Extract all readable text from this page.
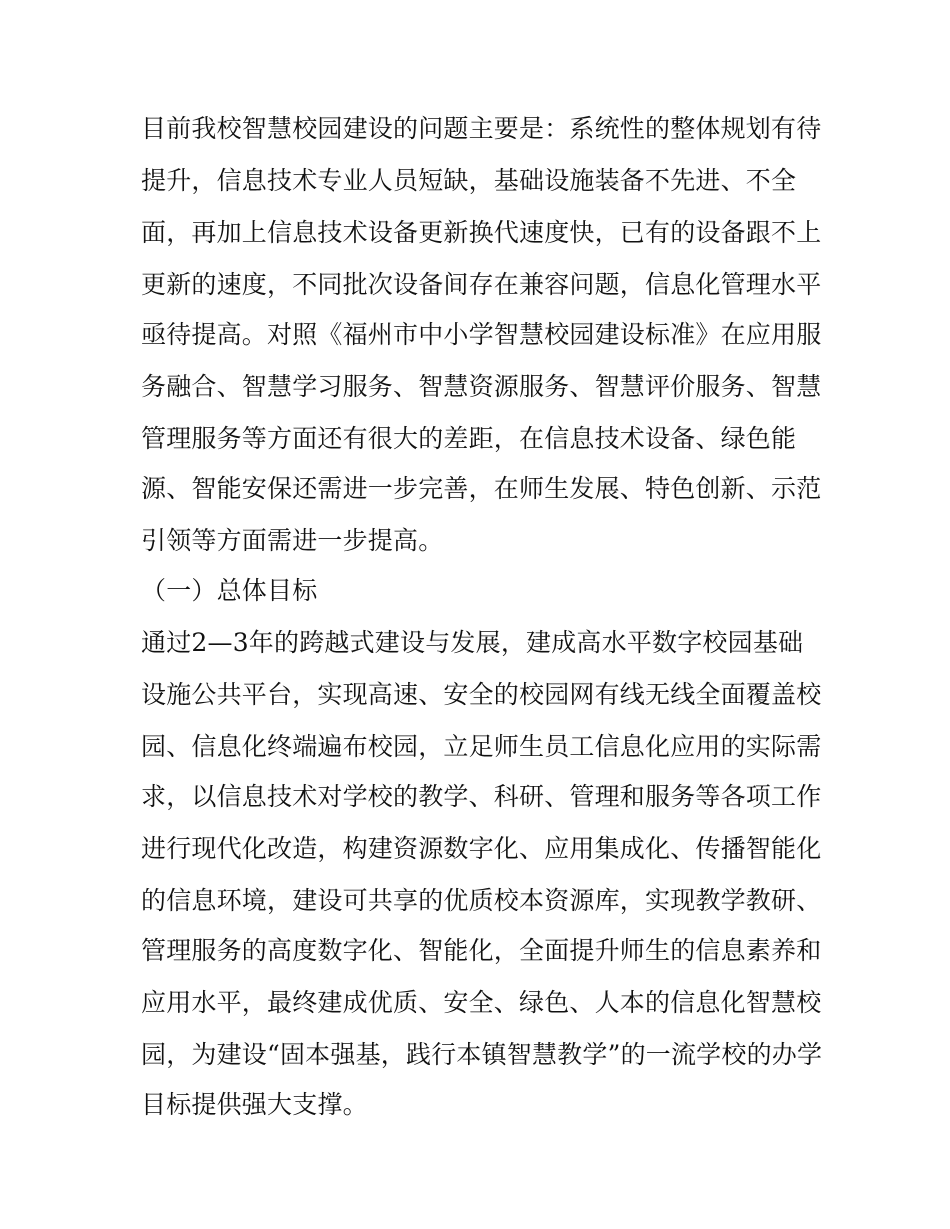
目前我校智慧校园建设的问题主要是：系统性的整体规划有待
提升，信息技术专业人员短缺，基础设施装备不先进、不全
面，再加上信息技术设备更新换代速度快，已有的设备跟不上
更新的速度，不同批次设备间存在兼容问题，信息化管理水平
亟待提高。对照《福州市中小学智慧校园建设标准》在应用服
务融合、智慧学习服务、智慧资源服务、智慧评价服务、智慧
管理服务等方面还有很大的差距，在信息技术设备、绿色能
源、智能安保还需进一步完善，在师生发展、特色创新、示范
引领等方面需进一步提高。
（一）总体目标
通过2—3年的跨越式建设与发展，建成高水平数字校园基础
设施公共平台，实现高速、安全的校园网有线无线全面覆盖校
园、信息化终端遍布校园，立足师生员工信息化应用的实际需
求，以信息技术对学校的教学、科研、管理和服务等各项工作
进行现代化改造，构建资源数字化、应用集成化、传播智能化
的信息环境，建设可共享的优质校本资源库，实现教学教研、
管理服务的高度数字化、智能化，全面提升师生的信息素养和
应用水平，最终建成优质、安全、绿色、人本的信息化智慧校
园，为建设“固本强基，践行本镇智慧教学”的一流学校的办学
目标提供强大支撑。
